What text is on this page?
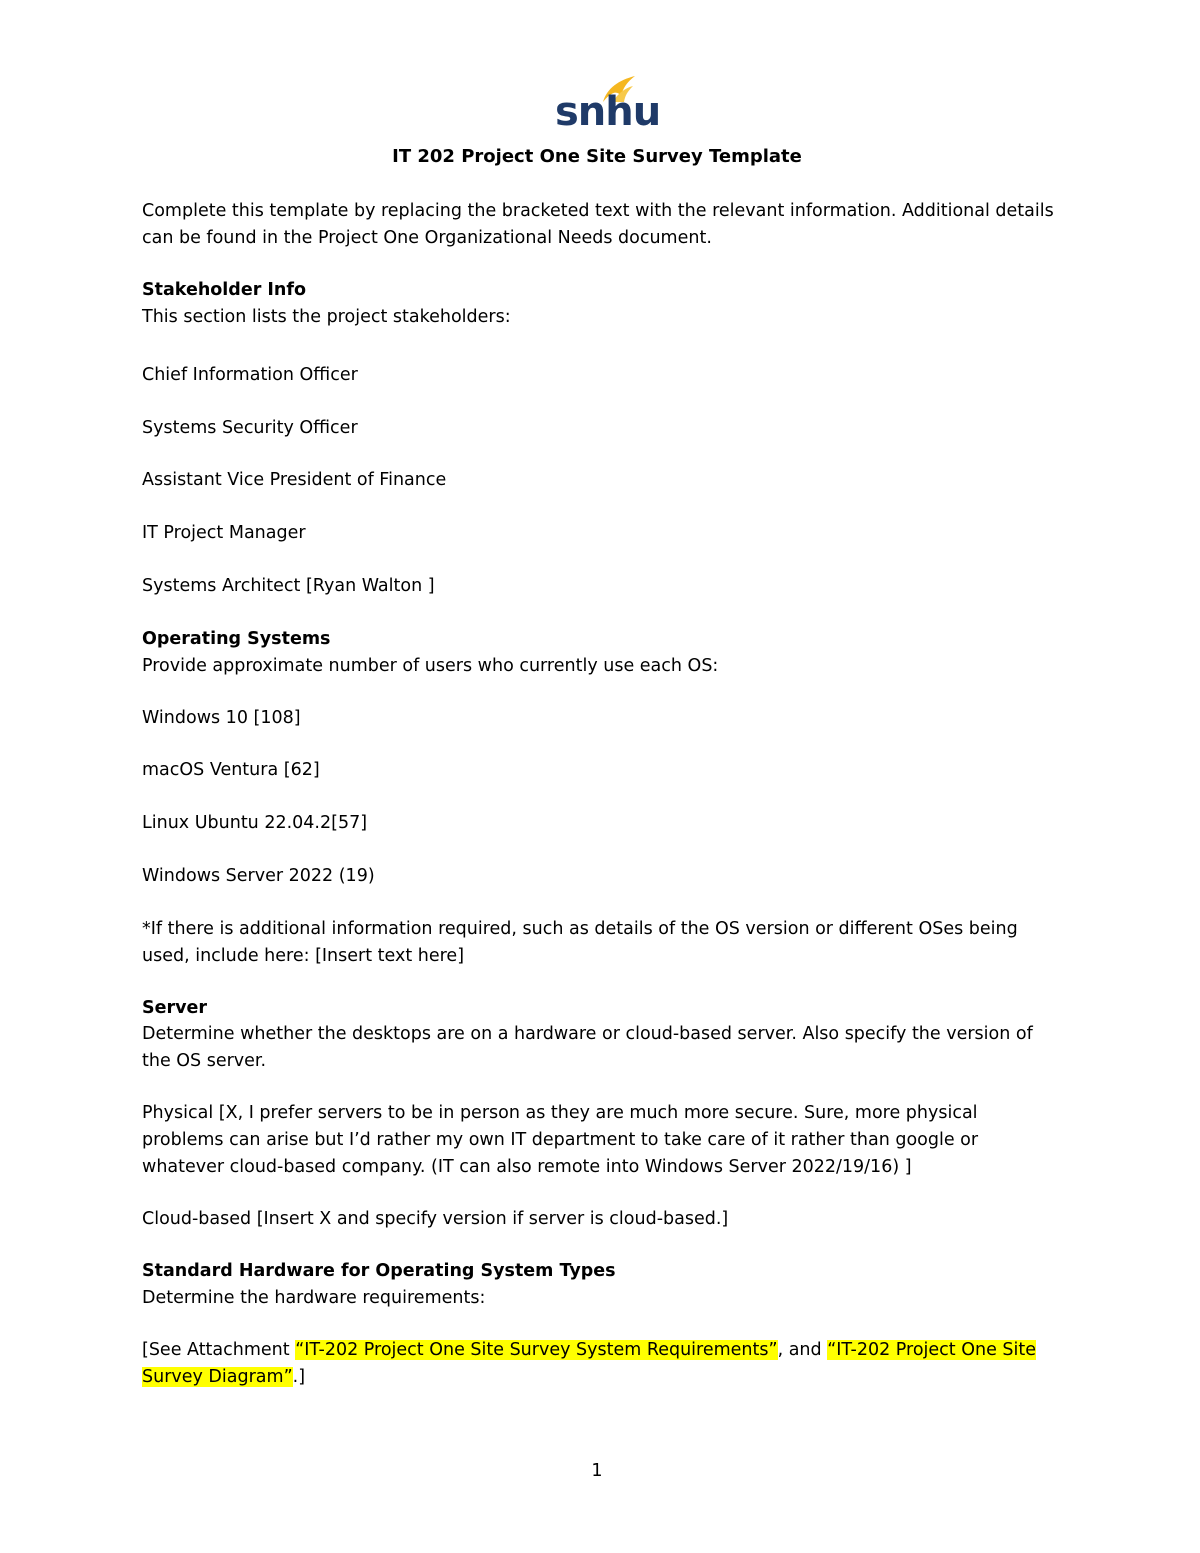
snhu
IT 202 Project One Site Survey Template

Complete this template by replacing the bracketed text with the relevant information. Additional details can be found in the Project One Organizational Needs document.

Stakeholder Info

This section lists the project stakeholders:

Chief Information Officer

Systems Security Officer

Assistant Vice President of Finance

IT Project Manager

Systems Architect [Ryan Walton ]

Operating Systems

Provide approximate number of users who currently use each OS:

Windows 10 [108]

macOS Ventura [62]

Linux Ubuntu 22.04.2[57]

Windows Server 2022 (19)

*If there is additional information required, such as details of the OS version or different OSes being used, include here: [Insert text here]

Server

Determine whether the desktops are on a hardware or cloud-based server. Also specify the version of the OS server.

Physical [X, I prefer servers to be in person as they are much more secure. Sure, more physical problems can arise but I’d rather my own IT department to take care of it rather than google or whatever cloud-based company. (IT can also remote into Windows Server 2022/19/16) ]

Cloud-based [Insert X and specify version if server is cloud-based.]

Standard Hardware for Operating System Types

Determine the hardware requirements:

[See Attachment “IT-202 Project One Site Survey System Requirements”, and “IT-202 Project One Site Survey Diagram”.]

1
